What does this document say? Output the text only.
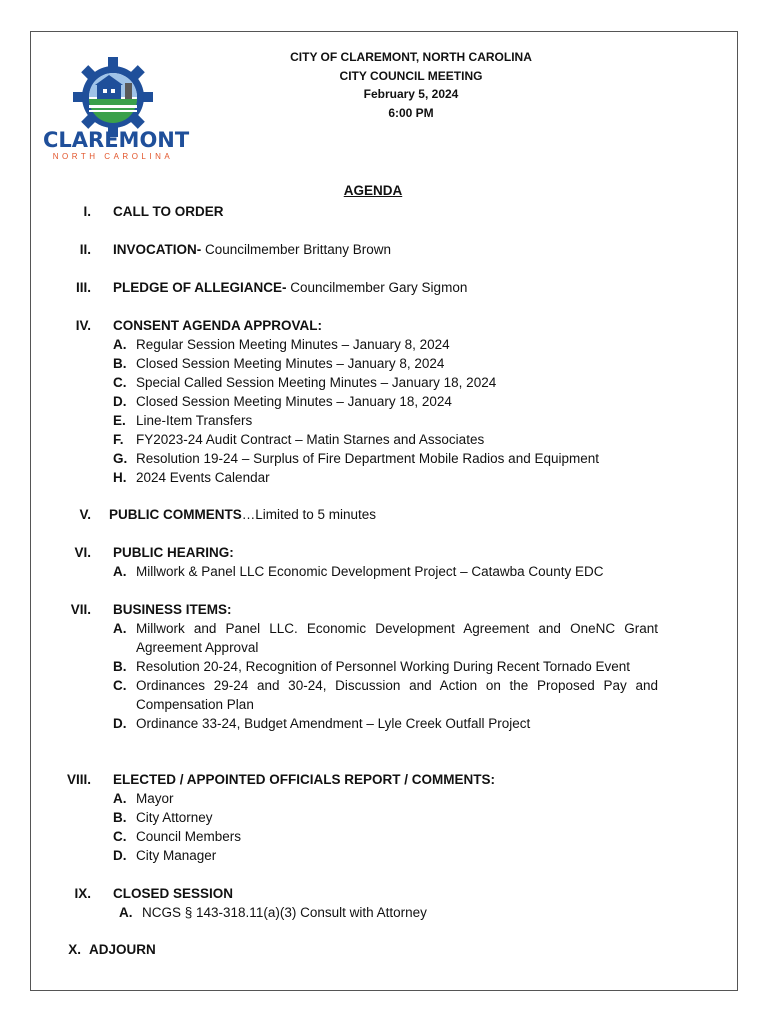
CLAREMONT
NORTH CAROLINA
CITY OF CLAREMONT, NORTH CAROLINA
CITY COUNCIL MEETING
February 5, 2024
6:00 PM
AGENDA
I. CALL TO ORDER
II. INVOCATION- Councilmember Brittany Brown
III. PLEDGE OF ALLEGIANCE- Councilmember Gary Sigmon
IV. CONSENT AGENDA APPROVAL:
A. Regular Session Meeting Minutes – January 8, 2024
B. Closed Session Meeting Minutes – January 8, 2024
C. Special Called Session Meeting Minutes – January 18, 2024
D. Closed Session Meeting Minutes – January 18, 2024
E. Line-Item Transfers
F. FY2023-24 Audit Contract – Matin Starnes and Associates
G. Resolution 19-24 – Surplus of Fire Department Mobile Radios and Equipment
H. 2024 Events Calendar
V. PUBLIC COMMENTS…Limited to 5 minutes
VI. PUBLIC HEARING:
A. Millwork & Panel LLC Economic Development Project – Catawba County EDC
VII. BUSINESS ITEMS:
A. Millwork and Panel LLC. Economic Development Agreement and OneNC Grant Agreement Approval
B. Resolution 20-24, Recognition of Personnel Working During Recent Tornado Event
C. Ordinances 29-24 and 30-24, Discussion and Action on the Proposed Pay and Compensation Plan
D. Ordinance 33-24, Budget Amendment – Lyle Creek Outfall Project
VIII. ELECTED / APPOINTED OFFICIALS REPORT / COMMENTS:
A. Mayor
B. City Attorney
C. Council Members
D. City Manager
IX. CLOSED SESSION
A. NCGS § 143-318.11(a)(3) Consult with Attorney
X. ADJOURN
